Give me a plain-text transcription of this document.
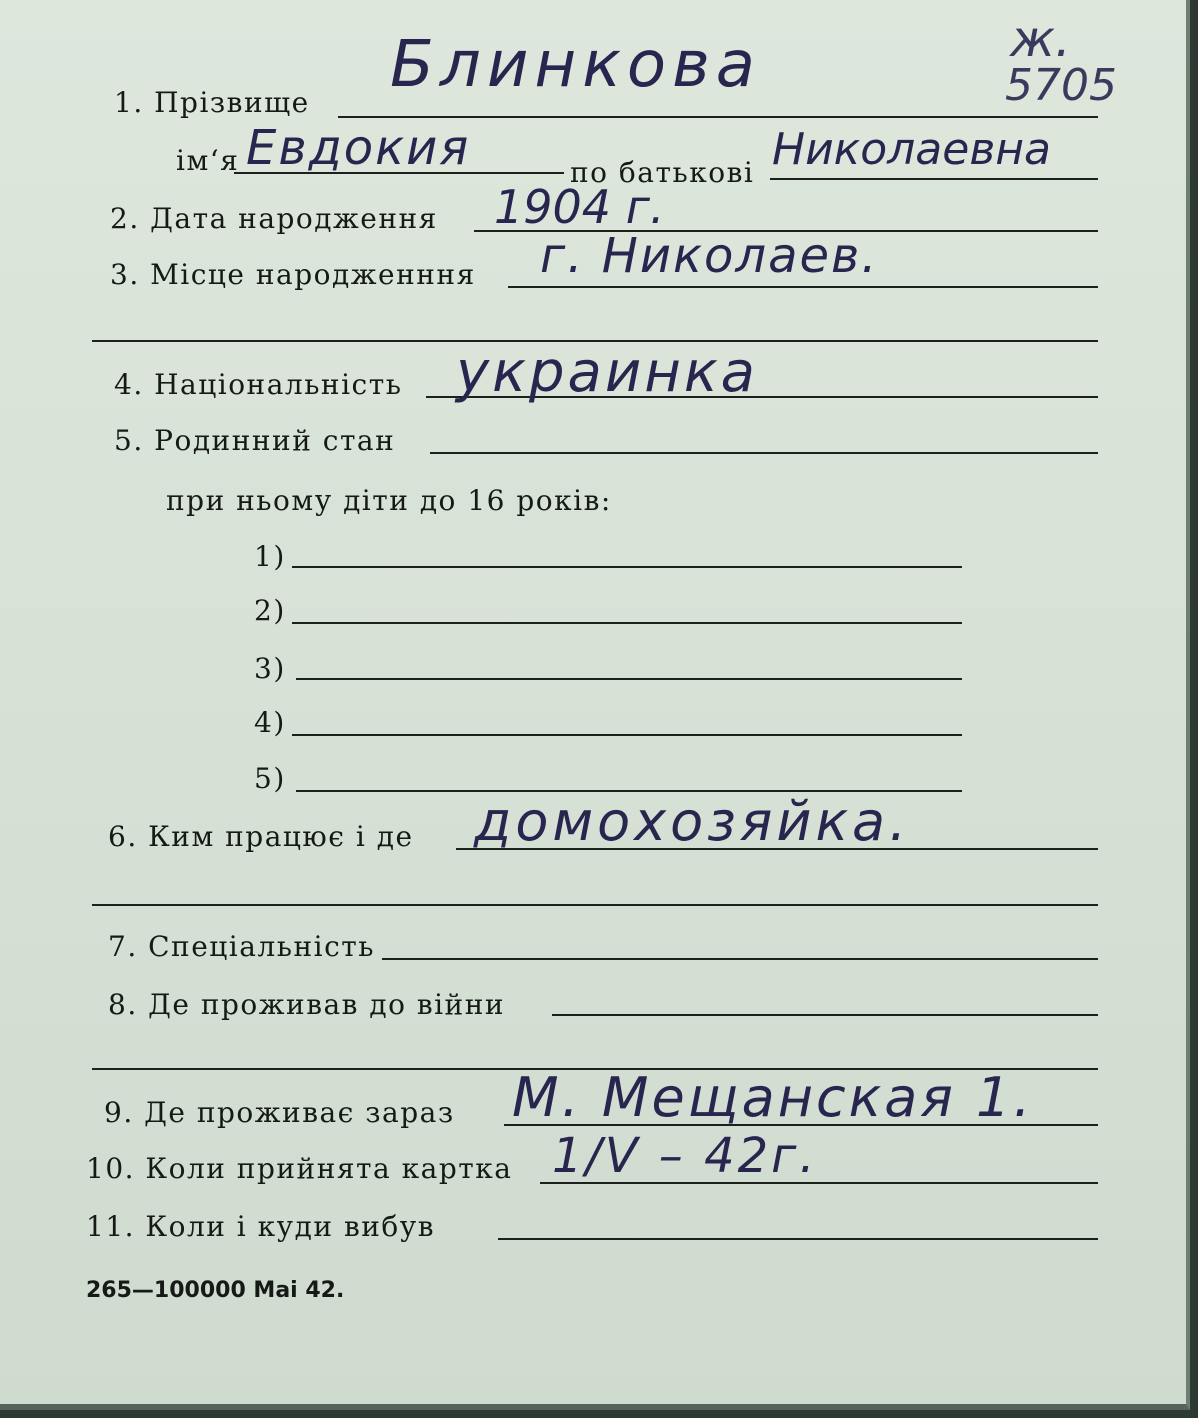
ж.
5705
1. Прізвище
Блинкова
ім‘я Евдокия	по батькові Николаевна
2. Дата народження 1904 г.
3. Місце народженння г. Николаев.
4. Національність украинка
5. Родинний стан
при ньому діти до 16 років:
1)
2)
3)
4)
5)
6. Ким працює і де домохозяйка.
7. Спеціальність
8. Де проживав до війни
9. Де проживає зараз М. Мещанская 1.
10. Коли прийнята картка 1/V – 42г.
11. Коли і куди вибув
265—100000 Mai 42.
